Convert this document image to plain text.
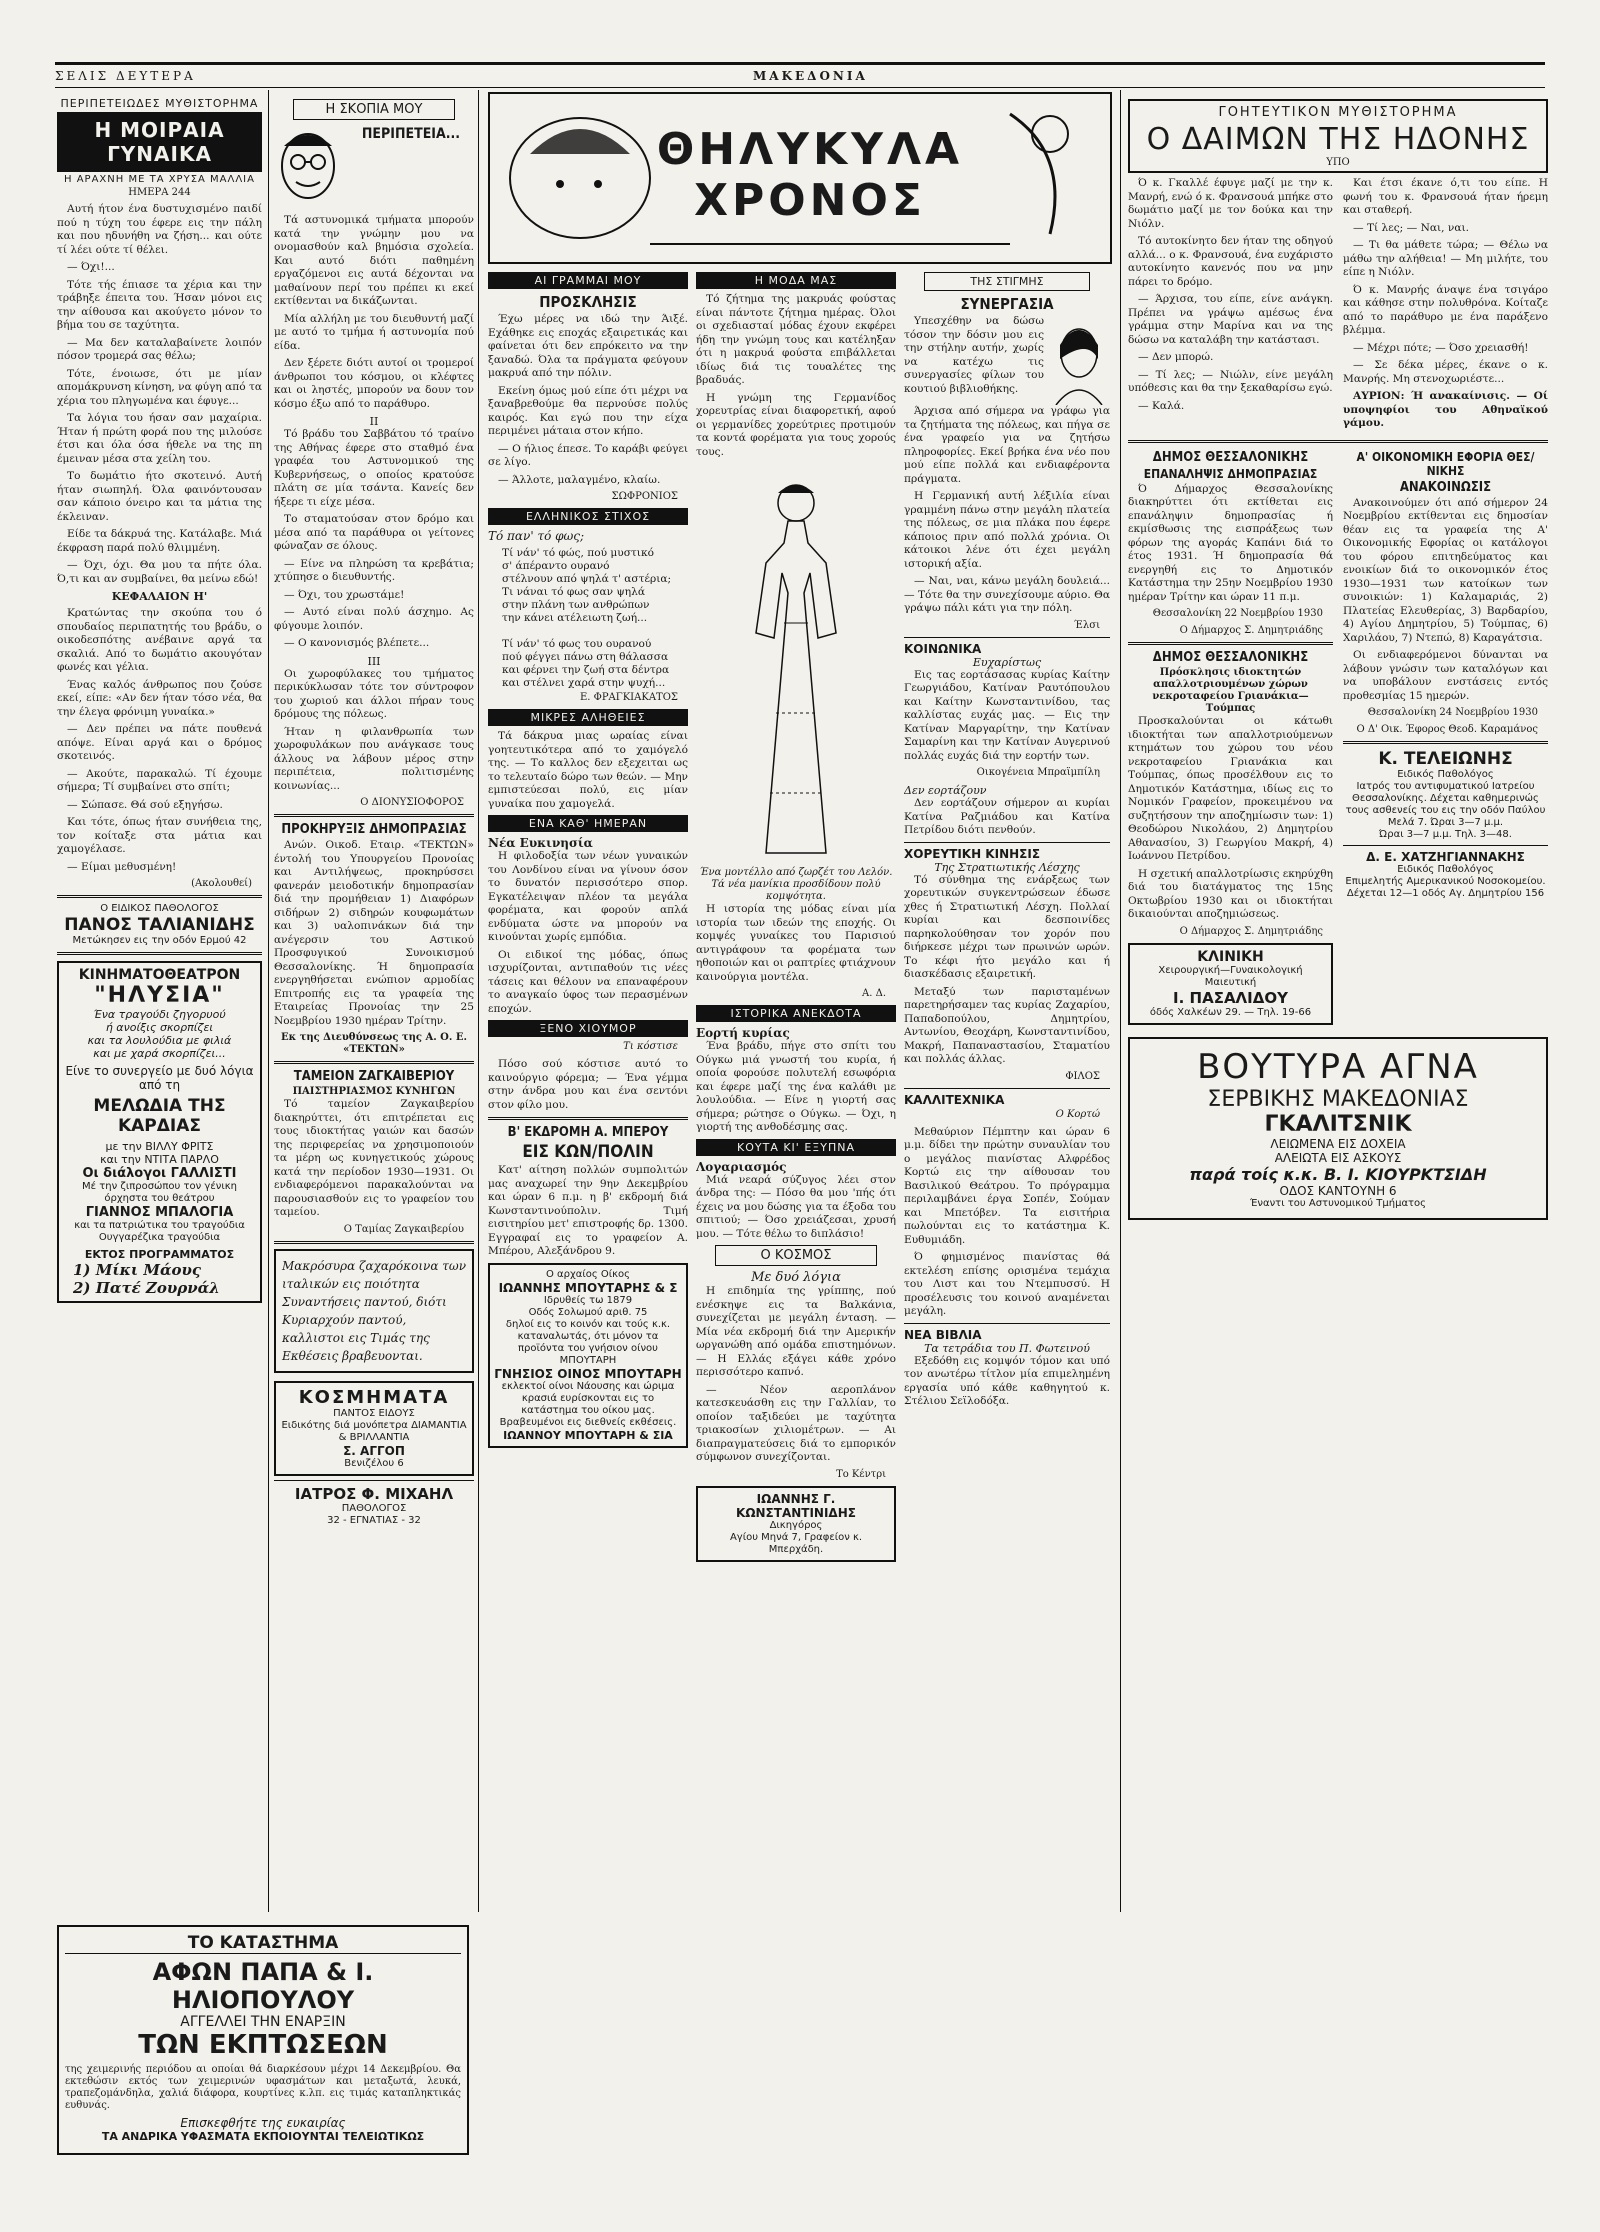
ΣΕΛΙΣ ΔΕΥΤΕΡΑ	ΜΑΚΕΔΟΝΙΑ
ΠΕΡΙΠΕΤΕΙΩΔΕΣ ΜΥΘΙΣΤΟΡΗΜΑ
Η ΜΟΙΡΑΙΑ ΓΥΝΑΙΚΑ
Η ΑΡΑΧΝΗ ΜΕ ΤΑ ΧΡΥΣΑ ΜΑΛΛΙΑ
ΗΜΕΡΑ 244

Αυτή ήτον ένα δυστυχισμένο παιδί πού η τύχη του έφερε εις την πάλη και που ηδυνήθη να ζήση... και ούτε τί λέει ούτε τί θέλει.

— Όχι!...

Τότε τής έπιασε τα χέρια και την τράβηξε έπειτα του. Ήσαν μόνοι εις την αίθουσα και ακούγετο μόνον το βήμα του σε ταχύτητα.

— Μα δεν καταλαβαίνετε λοιπόν πόσον τρομερά σας θέλω;

Τότε, ένοιωσε, ότι με μίαν απομάκρυνση κίνηση, να φύγη από τα χέρια του πληγωμένα και έφυγε...

Τα λόγια του ήσαν σαν μαχαίρια. Ήταν ή πρώτη φορά που της μιλούσε έτσι και όλα όσα ήθελε να της πη έμειναν μέσα στα χείλη του.

Το δωμάτιο ήτο σκοτεινό. Αυτή ήταν σιωπηλή. Όλα φαινόντουσαν σαν κάποιο όνειρο και τα μάτια της έκλειναν.

Είδε τα δάκρυά της. Κατάλαβε. Μιά έκφραση παρά πολύ θλιμμένη.

— Όχι, όχι. Θα μου τα πήτε όλα. Ό,τι και αν συμβαίνει, θα μείνω εδώ!

ΚΕΦΑΛΑΙΟΝ Η'

Κρατώντας την σκούπα του ό σπουδαίος περιπατητής του βράδυ, ο οικοδεσπότης ανέβαινε αργά τα σκαλιά. Από το δωμάτιο ακουγόταν φωνές και γέλια.

Ένας καλός άνθρωπος που ζούσε εκεί, είπε: «Αν δεν ήταν τόσο νέα, θα την έλεγα φρόνιμη γυναίκα.»

— Δεν πρέπει να πάτε πουθενά απόψε. Είναι αργά και ο δρόμος σκοτεινός.

— Ακούτε, παρακαλώ. Τί έχουμε σήμερα; Τί συμβαίνει στο σπίτι;

— Σώπασε. Θά σού εξηγήσω.

Και τότε, όπως ήταν συνήθεια της, τον κοίταξε στα μάτια και χαμογέλασε.

— Είμαι μεθυσμένη!

(Ακολουθεί)
Ο ΕΙΔΙΚΟΣ ΠΑΘΟΛΟΓΟΣ
ΠΑΝΟΣ ΤΑΛΙΑΝΙΔΗΣ
Μετώκησεν εις την οδόν Ερμού 42
ΚΙΝΗΜΑΤΟΘΕΑΤΡΟΝ
"ΗΛΥΣΙΑ"
Ένα τραγούδι ζηγορυού
ή ανοίξις σκορπίζει
και τα λουλούδια με φιλιά
και με χαρά σκορπίζει...
Είνε το συνεργείο με δυό λόγια από τη
ΜΕΛΩΔΙΑ ΤΗΣ ΚΑΡΔΙΑΣ
με την ΒΙΛΛΥ ΦΡΙΤΣ
και την ΝΤΙΤΑ ΠΑΡΛΟ
Οι διάλογοι ΓΑΛΛΙΣΤΙ
Μέ την ζιπροσώπου τον γένικη όρχηστα του θεάτρου
ΓΙΑΝΝΟΣ ΜΠΑΛΟΓΙΑ
και τα πατριώτικα του τραγούδια
Ουγγαρέζικα τραγούδια
ΕΚΤΟΣ ΠΡΟΓΡΑΜΜΑΤΟΣ
1) Μίκι Μάους
2) Πατέ Ζουρνάλ
Η ΣΚΟΠΙΑ ΜΟΥ
ΠΕΡΙΠΕΤΕΙΑ...

Τά αστυνομικά τμήματα μπορούν κατά την γνώμην μου να ονομασθούν καλ βημόσια σχολεία. Και αυτό διότι παθημένη εργαζόμενοι εις αυτά δέχονται να μαθαίνουν περί του πρέπει κι εκεί εκτίθενται να δικάζωνται.

Μία αλλήλη με του διευθυντή μαζί με αυτό το τμήμα ή αστυνομία πού είδα.

Δεν ξέρετε διότι αυτοί οι τρομεροί άνθρωποι του κόσμου, οι κλέφτες και οι ληστές, μπορούν να δουν τον κόσμο έξω από το παράθυρο.

ΙΙ

Τό βράδυ του Σαββάτου τό τραίνο της Αθήνας έφερε στο σταθμό ένα γραφέα του Αστυνομικού της Κυβερνήσεως, ο οποίος κρατούσε πλάτη σε μία τσάντα. Κανείς δεν ήξερε τι είχε μέσα.

Το σταματούσαν στον δρόμο και μέσα από τα παράθυρα οι γείτονες φώναζαν σε όλους.

— Είνε να πληρώση τα κρεβάτια; χτύπησε ο διευθυντής.

— Όχι, του χρωστάμε!

— Αυτό είναι πολύ άσχημο. Ας φύγουμε λοιπόν.

— Ο κανονισμός βλέπετε...

ΙΙΙ

Οι χωροφύλακες του τμήματος περικύκλωσαν τότε τον σύντροφον του χωριού και άλλοι πήραν τους δρόμους της πόλεως.

Ήταν η φιλανθρωπία των χωροφυλάκων που ανάγκασε τους άλλους να λάβουν μέρος στην περιπέτεια, πολιτισμένης κοινωνίας...

Ο ΔΙΟΝΥΣΙΟΦΟΡΟΣ
ΠΡΟΚΗΡΥΞΙΣ ΔΗΜΟΠΡΑΣΙΑΣ

Ανών. Οικοδ. Εταιρ. «ΤΕΚΤΩΝ» έντολή του Υπουργείου Προνοίας και Αντιλήψεως, προκηρύσσει φανεράν μειοδοτικήν δημοπρασίαν διά την προμήθειαν 1) Διαφόρων σιδήρων 2) σιδηρών κουφωμάτων και 3) υαλοπινάκων διά την ανέγερσιν του Αστικού Προσφυγικού Συνοικισμού Θεσσαλονίκης. Ή δημοπρασία ενεργηθήσεται ενώπιον αρμοδίας Επιτροπής εις τα γραφεία της Εταιρείας Προνοίας την 25 Νοεμβρίου 1930 ημέραν Τρίτην.

Εκ της Διευθύνσεως της Α. Ο. Ε. «ΤΕΚΤΩΝ»
ΤΑΜΕΙΟΝ ΖΑΓΚΑΙΒΕΡΙΟΥ
ΠΑΙΣΤΗΡΙΑΣΜΟΣ ΚΥΝΗΓΩΝ

Τό ταμείον Ζαγκαιβερίου διακηρύττει, ότι επιτρέπεται εις τους ιδιοκτήτας γαιών και δασών της περιφερείας να χρησιμοποιούν τα μέρη ως κυνηγετικούς χώρους κατά την περίοδον 1930—1931. Οι ενδιαφερόμενοι παρακαλούνται να παρουσιασθούν εις το γραφείον του ταμείου.

Ο Ταμίας Ζαγκαιβερίου
Μακρόσυρα ζαχαρόκοινα των ιταλικών εις ποιότητα Συναντήσεις παντού, διότι Κυριαρχούν παντού, καλλιστοι εις Τιμάς της Εκθέσεις βραβευονται.
ΚΟΣΜΗΜΑΤΑ
ΠΑΝΤΟΣ ΕΙΔΟΥΣ
Ειδικότης διά μονόπετρα ΔΙΑΜΑΝΤΙΑ & ΒΡΙΛΛΑΝΤΙΑ
Σ. ΑΓΓΟΠ
Βενιζέλου 6
ΙΑΤΡΟΣ Φ. ΜΙΧΑΗΛ
ΠΑΘΟΛΟΓΟΣ
32 - ΕΓΝΑΤΙΑΣ - 32
ΘΗΛΥΚΥΛΑ ΧΡΟΝΟΣ
ΑΙ ΓΡΑΜΜΑΙ ΜΟΥ
ΠΡΟΣΚΛΗΣΙΣ

Έχω μέρες να ιδώ την Άιξέ. Εχάθηκε εις εποχάς εξαιρετικάς και φαίνεται ότι δεν επρόκειτο να την ξαναδώ. Όλα τα πράγματα φεύγουν μακρυά από την πόλιν.

Εκείνη όμως μού είπε ότι μέχρι να ξαναβρεθούμε θα περνούσε πολύς καιρός. Και εγώ που την είχα περιμένει μάταια στον κήπο.

— Ο ήλιος έπεσε. Το καράβι φεύγει σε λίγο.

— Άλλοτε, μαλαγμένο, κλαίω.

ΣΩΦΡΟΝΙΟΣ
ΕΛΛΗΝΙΚΟΣ ΣΤΙΧΟΣ
Τό παν' τό φως;
Τί νάν' τό φώς, πού μυστικό
σ' άπέραντο ουρανό
στέλνουν από ψηλά τ' αστέρια;
Τι νάναι τό φως σαν ψηλά
στην πλάνη των ανθρώπων
την κάνει ατέλειωτη ζωή...

Τί νάν' τό φως του ουρανού
πού φέγγει πάνω στη θάλασσα
και φέρνει την ζωή στα δέντρα
και στέλνει χαρά στην ψυχή...
Ε. ΦΡΑΓΚΙΑΚΑΤΟΣ
ΜΙΚΡΕΣ ΑΛΗΘΕΙΕΣ

Τά δάκρυα μιας ωραίας είναι γοητευτικότερα από το χαμόγελό της. — Το καλλος δεν εξεχειται ως το τελευταίο δώρο των θεών. — Μην εμπιστεύεσαι πολύ, εις μίαν γυναίκα που χαμογελά.

ΕΝΑ ΚΑΘ' ΗΜΕΡΑΝ
Νέα Ευκινησία

Η φιλοδοξία των νέων γυναικών του Λονδίνου είναι να γίνουν όσον το δυνατόν περισσότερο σπορ. Εγκατέλειψαν πλέον τα μεγάλα φορέματα, και φορούν απλά ενδύματα ώστε να μπορούν να κινούνται χωρίς εμπόδια.

Οι ειδικοί της μόδας, όπως ισχυρίζονται, αντιπαθούν τις νέες τάσεις και θέλουν να επαναφέρουν το αναγκαίο ύφος των περασμένων εποχών.

ΞΕΝΟ ΧΙΟΥΜΟΡ
Τι κόστισε

Πόσο σού κόστισε αυτό το καινούργιο φόρεμα; — Ένα γέμμα στην άνδρα μου και ένα σεντόνι στον φίλο μου.

Β' ΕΚΔΡΟΜΗ Α. ΜΠΕΡΟΥ
ΕΙΣ ΚΩΝ/ΠΟΛΙΝ

Κατ' αίτηση πολλών συμπολιτών μας αναχωρεί την 9ην Δεκεμβρίου και ώραν 6 π.μ. η β' εκδρομή διά Κωνσταντινούπολιν. Τιμή εισιτηρίου μετ' επιστροφής δρ. 1300. Εγγραφαί εις το γραφείον Α. Μπέρου, Αλεξάνδρου 9.

Ο αρχαίος Οίκος
ΙΩΑΝΝΗΣ ΜΠΟΥΤΑΡΗΣ & Σ
Ιδρυθείς τω 1879
Οδός Σολωμού αριθ. 75
δηλοί εις το κοινόν και τούς κ.κ. καταναλωτάς, ότι μόνον τα προϊόντα του γνήσιον οίνου ΜΠΟΥΤΑΡΗ
ΓΝΗΣΙΟΣ ΟΙΝΟΣ ΜΠΟΥΤΑΡΗ
εκλεκτοί οίνοι Νάουσης και ώριμα κρασιά ευρίσκονται εις το κατάστημα του οίκου μας. Βραβευμένοι εις διεθνείς εκθέσεις.
ΙΩΑΝΝΟΥ ΜΠΟΥΤΑΡΗ & ΣΙΑ
Η ΜΟΔΑ ΜΑΣ

Τό ζήτημα της μακρυάς φούστας είναι πάντοτε ζήτημα ημέρας. Όλοι οι σχεδιασταί μόδας έχουν εκφέρει ήδη την γνώμη τους και κατέληξαν ότι η μακρυά φούστα επιβάλλεται ιδίως διά τις τουαλέτες της βραδυάς.

Η γνώμη της Γερμανίδος χορευτρίας είναι διαφορετική, αφού οι γερμανίδες χορεύτριες προτιμούν τα κοντά φορέματα για τους χορούς τους.

Ένα μοντέλλο από ζωρζέτ του Λελόν. Τά νέα μανίκια προσδίδουν πολύ κομψότητα.

Η ιστορία της μόδας είναι μία ιστορία των ιδεών της εποχής. Οι κομψές γυναίκες του Παρισιού αντιγράφουν τα φορέματα των ηθοποιών και οι ραπτρίες φτιάχνουν καινούργια μοντέλα.

Α. Δ.
ΙΣΤΟΡΙΚΑ ΑΝΕΚΔΟΤΑ
Εορτή κυρίας

Ένα βράδυ, πήγε στο σπίτι του Ούγκω μιά γνωστή του κυρία, ή οποία φορούσε πολυτελή εσωφόρια και έφερε μαζί της ένα καλάθι με λουλούδια. — Είνε η γιορτή σας σήμερα; ρώτησε ο Ούγκω. — Όχι, η γιορτή της ανθοδέσμης σας.

ΚΟΥΤΑ ΚΙ' ΕΞΥΠΝΑ
Λογαριασμός

Μιά νεαρά σύζυγος λέει στον άνδρα της: — Πόσο θα μου 'πής ότι έχεις να μου δώσης για τα έξοδα του σπιτιού; — Όσο χρειάζεσαι, χρυσή μου. — Τότε θέλω το διπλάσιο!

Ο ΚΟΣΜΟΣ
Με δυό λόγια

Η επιδημία της γρίππης, πού ενέσκηψε εις τα Βαλκάνια, συνεχίζεται με μεγάλη ένταση. — Μία νέα εκδρομή διά την Αμερικήν ωργανώθη από ομάδα επιστημόνων. — Η Ελλάς εξάγει κάθε χρόνο περισσότερο καπνό.

— Νέον αεροπλάνον κατεσκευάσθη εις την Γαλλίαν, το οποίον ταξιδεύει με ταχύτητα τριακοσίων χιλιομέτρων. — Αι διαπραγματεύσεις διά το εμπορικόν σύμφωνον συνεχίζονται.

Το Κέντρι
ΙΩΑΝΝΗΣ Γ. ΚΩΝΣΤΑΝΤΙΝΙΔΗΣ
Δικηγόρος
Αγίου Μηνά 7, Γραφείον κ. Μπερχάδη.
ΤΗΣ ΣΤΙΓΜΗΣ
ΣΥΝΕΡΓΑΣΙΑ

Υπεσχέθην να δώσω τόσον την δόσιν μου εις την στήλην αυτήν, χωρίς να κατέχω τις συνεργασίες φίλων του κουτιού βιβλιοθήκης.

Άρχισα από σήμερα να γράφω για τα ζητήματα της πόλεως, και πήγα σε ένα γραφείο για να ζητήσω πληροφορίες. Εκεί βρήκα ένα νέο που μού είπε πολλά και ενδιαφέροντα πράγματα.

Η Γερμανική αυτή λέξιλία είναι γραμμένη πάνω στην μεγάλη πλατεία της πόλεως, σε μια πλάκα που έφερε κάποιος πριν από πολλά χρόνια. Οι κάτοικοι λένε ότι έχει μεγάλη ιστορική αξία.

— Ναι, ναι, κάνω μεγάλη δουλειά... — Τότε θα την συνεχίσουμε αύριο. Θα γράψω πάλι κάτι για την πόλη.

Έλσι
ΚΟΙΝΩΝΙΚΑ
Ευχαρίστως

Εις τας εορτάσασας κυρίας Καίτην Γεωργιάδου, Κατίναν Ραυτόπουλου και Καίτην Κωνσταντινίδου, τας καλλίστας ευχάς μας. — Εις την Κατίναν Μαργαρίτην, την Κατίναν Σαμαρίνη και την Κατίναν Αυγερινού πολλάς ευχάς διά την εορτήν των.

Οικογένεια Μπραϊμπίλη
Δεν εορτάζουν

Δεν εορτάζουν σήμερον αι κυρίαι Κατίνα Ραζμιάδου και Κατίνα Πετρίδου διότι πενθούν.

ΧΟΡΕΥΤΙΚΗ ΚΙΝΗΣΙΣ
Της Στρατιωτικής Λέσχης

Τό σύνθημα της ενάρξεως των χορευτικών συγκεντρώσεων έδωσε χθες ή Στρατιωτική Λέσχη. Πολλαί κυρίαι και δεσποινίδες παρηκολούθησαν τον χορόν που διήρκεσε μέχρι των πρωινών ωρών. Το κέφι ήτο μεγάλο και ή διασκέδασις εξαιρετική.

Μεταξύ των παρισταμένων παρετηρήσαμεν τας κυρίας Ζαχαρίου, Παπαδοπούλου, Δημητρίου, Αντωνίου, Θεοχάρη, Κωνσταντινίδου, Μακρή, Παπαναστασίου, Σταματίου και πολλάς άλλας.

ΦΙΛΟΣ
ΚΑΛΛΙΤΕΧΝΙΚΑ
Ο Κορτώ

Μεθαύριον Πέμπτην και ώραν 6 μ.μ. δίδει την πρώτην συναυλίαν του ο μεγάλος πιανίστας Αλφρέδος Κορτώ εις την αίθουσαν του Βασιλικού Θεάτρου. Το πρόγραμμα περιλαμβάνει έργα Σοπέν, Σούμαν και Μπετόβεν. Τα εισιτήρια πωλούνται εις το κατάστημα Κ. Ευθυμιάδη.

Ό φημισμένος πιανίστας θά εκτελέση επίσης ορισμένα τεμάχια του Λιστ και του Ντεμπυσσύ. Η προσέλευσις του κοινού αναμένεται μεγάλη.

ΝΕΑ ΒΙΒΛΙΑ
Τα τετράδια του Π. Φωτεινού

Εξεδόθη εις κομψόν τόμον και υπό τον ανωτέρω τίτλον μία επιμελημένη εργασία υπό κάθε καθηγητού κ. Στέλιου Σεϊλοδόξα.

ΓΟΗΤΕΥΤΙΚΟΝ ΜΥΘΙΣΤΟΡΗΜΑ
Ο ΔΑΙΜΩΝ ΤΗΣ ΗΔΟΝΗΣ
ΥΠΟ

Ό κ. Γκαλλέ έφυγε μαζί με την κ. Μανρή, ενώ ό κ. Φρανσουά μπήκε στο δωμάτιο μαζί με τον δούκα και την Νιόλν.

Τό αυτοκίνητο δεν ήταν της οδηγού αλλά... ο κ. Φρανσουά, ένα ευχάριστο αυτοκίνητο κανενός που να μην πάρει το δρόμο.

— Άρχισα, του είπε, είνε ανάγκη. Πρέπει να γράψω αμέσως ένα γράμμα στην Μαρίνα και να της δώσω να καταλάβη την κατάστασι.

— Δεν μπορώ.

— Τί λες; — Νιώλν, είνε μεγάλη υπόθεσις και θα την ξεκαθαρίσω εγώ.

— Καλά.

Και έτσι έκανε ό,τι του είπε. Η φωνή του κ. Φρανσουά ήταν ήρεμη και σταθερή.

— Τί λες; — Ναι, ναι.

— Τι θα μάθετε τώρα; — Θέλω να μάθω την αλήθεια! — Μη μιλήτε, του είπε η Νιόλν.

Ό κ. Μανρής άναψε ένα τσιγάρο και κάθησε στην πολυθρόνα. Κοίταζε από το παράθυρο με ένα παράξενο βλέμμα.

— Μέχρι πότε; — Όσο χρειασθή!

— Σε δέκα μέρες, έκανε ο κ. Μανρής. Μη στενοχωριέστε...

ΑΥΡΙΟΝ: Ή ανακαίνισις. — Οί υποψηφίοι του Αθηναϊκού γάμου.

ΔΗΜΟΣ ΘΕΣΣΑΛΟΝΙΚΗΣ
ΕΠΑΝΑΛΗΨΙΣ ΔΗΜΟΠΡΑΣΙΑΣ

Ό Δήμαρχος Θεσσαλονίκης διακηρύττει ότι εκτίθεται εις επανάληψιν δημοπρασίας ή εκμίσθωσις της εισπράξεως των φόρων της αγοράς Καπάνι διά το έτος 1931. Ή δημοπρασία θά ενεργηθή εις το Δημοτικόν Κατάστημα την 25ην Νοεμβρίου 1930 ημέραν Τρίτην και ώραν 11 π.μ.

Θεσσαλονίκη 22 Νοεμβρίου 1930
Ο Δήμαρχος Σ. Δημητριάδης
ΔΗΜΟΣ ΘΕΣΣΑΛΟΝΙΚΗΣ
Πρόσκλησις ιδιοκτητών απαλλοτριουμένων χώρων νεκροταφείου Γριανάκια—Τούμπας

Προσκαλούνται οι κάτωθι ιδιοκτήται των απαλλοτριούμενων κτημάτων του χώρου του νέου νεκροταφείου Γριανάκια και Τούμπας, όπως προσέλθουν εις το Δημοτικόν Κατάστημα, ιδίως εις το Νομικόν Γραφείον, προκειμένου να συζητήσουν την αποζημίωσιν των: 1) Θεοδώρου Νικολάου, 2) Δημητρίου Αθανασίου, 3) Γεωργίου Μακρή, 4) Ιωάννου Πετρίδου.

Η σχετική απαλλοτρίωσις εκηρύχθη διά του διατάγματος της 15ης Οκτωβρίου 1930 και οι ιδιοκτήται δικαιούνται αποζημιώσεως.

Ο Δήμαρχος Σ. Δημητριάδης
ΚΛΙΝΙΚΗ
Χειρουργική—Γυναικολογική
Μαιευτική
Ι. ΠΑΣΑΛΙΔΟΥ
όδός Χαλκέων 29. — Τηλ. 19-66
Α' ΟΙΚΟΝΟΜΙΚΗ ΕΦΟΡΙΑ ΘΕΣ/ΝΙΚΗΣ
ΑΝΑΚΟΙΝΩΣΙΣ

Ανακοινούμεν ότι από σήμερον 24 Νοεμβρίου εκτίθενται εις δημοσίαν θέαν εις τα γραφεία της Α' Οικονομικής Εφορίας οι κατάλογοι του φόρου επιτηδεύματος και ενοικίων διά το οικονομικόν έτος 1930—1931 των κατοίκων των συνοικιών: 1) Καλαμαριάς, 2) Πλατείας Ελευθερίας, 3) Βαρδαρίου, 4) Αγίου Δημητρίου, 5) Τούμπας, 6) Χαριλάου, 7) Ντεπώ, 8) Καραγάτσια.

Οι ενδιαφερόμενοι δύνανται να λάβουν γνώσιν των καταλόγων και να υποβάλουν ενστάσεις εντός προθεσμίας 15 ημερών.

Θεσσαλονίκη 24 Νοεμβρίου 1930
Ο Δ' Οικ. Έφορος Θεοδ. Καραμάνος
Κ. ΤΕΛΕΙΩΝΗΣ
Ειδικός Παθολόγος
Ιατρός του αντιφυματικού Ιατρείου Θεσσαλονίκης. Δέχεται καθημερινώς τους ασθενείς του εις την οδόν Παύλου Μελά 7. Ώραι 3—7 μ.μ.
Ώραι 3—7 μ.μ. Τηλ. 3—48.
Δ. Ε. ΧΑΤΖΗΓΙΑΝΝΑΚΗΣ
Ειδικός Παθολόγος
Επιμελητής Αμερικανικού Νοσοκομείου. Δέχεται 12—1 οδός Αγ. Δημητρίου 156
ΒΟΥΤΥΡΑ ΑΓΝΑ
ΣΕΡΒΙΚΗΣ ΜΑΚΕΔΟΝΙΑΣ
ΓΚΑΛΙΤΣΝΙΚ
ΛΕΙΩΜΕΝΑ ΕΙΣ ΔΟΧΕΙΑ
ΑΛΕΙΩΤΑ ΕΙΣ ΑΣΚΟΥΣ
παρά τοίς κ.κ. Β. Ι. ΚΙΟΥΡΚΤΣΙΔΗ
ΟΔΟΣ ΚΑΝΤΟΥΝΗ 6
Έναντι του Αστυνομικού Τμήματος
ΤΟ ΚΑΤΑΣΤΗΜΑ
ΑΦΩΝ ΠΑΠΑ & Ι. ΗΛΙΟΠΟΥΛΟΥ
ΑΓΓΕΛΛΕΙ ΤΗΝ ΕΝΑΡΞΙΝ
ΤΩΝ ΕΚΠΤΩΣΕΩΝ
της χειμερινής περιόδου αι οποίαι θά διαρκέσουν μέχρι 14 Δεκεμβρίου. Θα εκτεθώσιν εκτός των χειμερινών υφασμάτων και μεταξωτά, λευκά, τραπεζομάνδηλα, χαλιά διάφορα, κουρτίνες κ.λπ. εις τιμάς καταπληκτικάς ευθυνάς.
Επισκεφθήτε της ευκαιρίας
ΤΑ ΑΝΔΡΙΚΑ ΥΦΑΣΜΑΤΑ ΕΚΠΟΙΟΥΝΤΑΙ ΤΕΛΕΙΩΤΙΚΩΣ
